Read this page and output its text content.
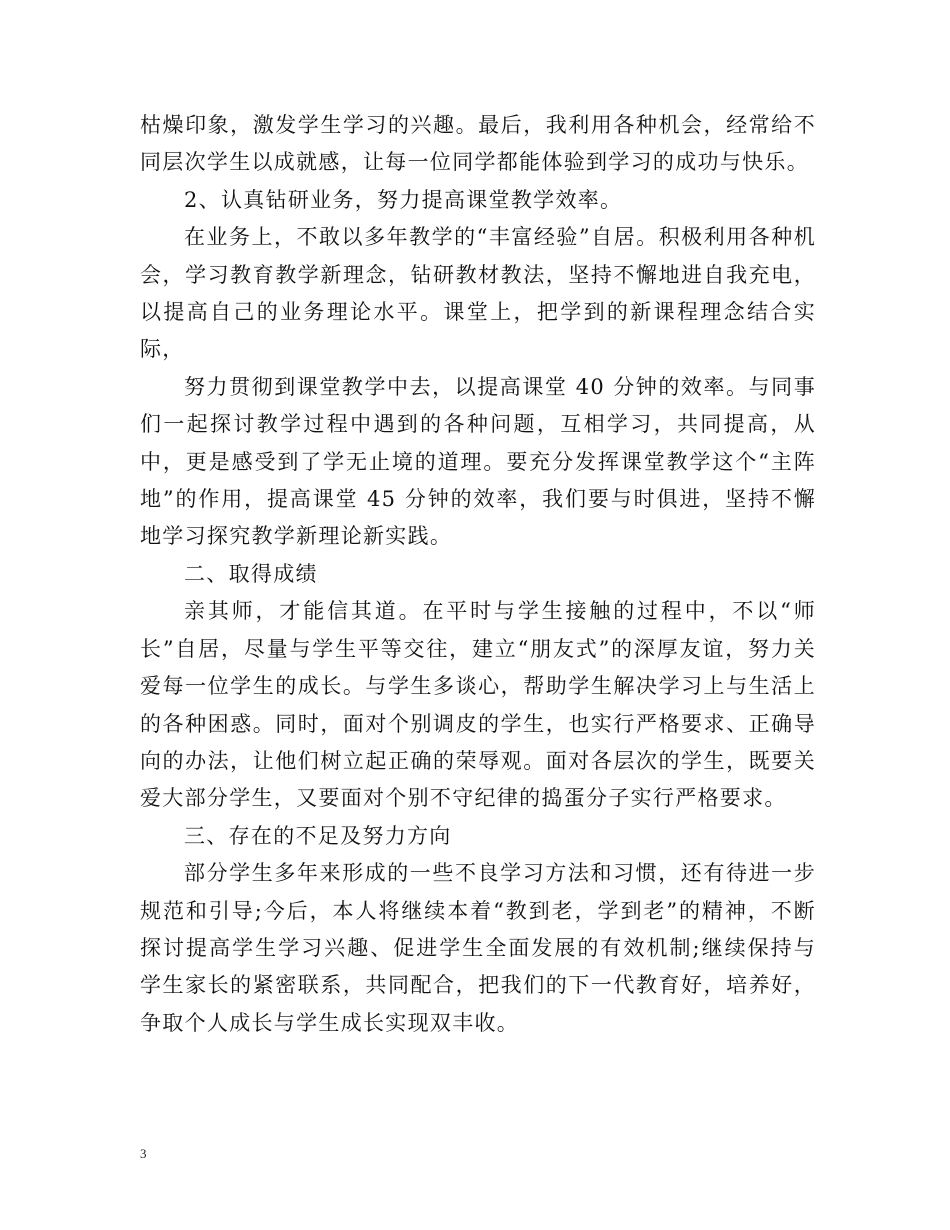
枯燥印象，激发学生学习的兴趣。最后，我利用各种机会，经常给不同层次学生以成就感，让每一位同学都能体验到学习的成功与快乐。

2、认真钻研业务，努力提高课堂教学效率。

在业务上，不敢以多年教学的“丰富经验”自居。积极利用各种机会，学习教育教学新理念，钻研教材教法，坚持不懈地进自我充电，以提高自己的业务理论水平。课堂上，把学到的新课程理念结合实际，

努力贯彻到课堂教学中去，以提高课堂 40 分钟的效率。与同事们一起探讨教学过程中遇到的各种问题，互相学习，共同提高，从中，更是感受到了学无止境的道理。要充分发挥课堂教学这个“主阵地”的作用，提高课堂 45 分钟的效率，我们要与时俱进，坚持不懈地学习探究教学新理论新实践。

二、取得成绩

亲其师，才能信其道。在平时与学生接触的过程中，不以“师长”自居，尽量与学生平等交往，建立“朋友式”的深厚友谊，努力关爱每一位学生的成长。与学生多谈心，帮助学生解决学习上与生活上的各种困惑。同时，面对个别调皮的学生，也实行严格要求、正确导向的办法，让他们树立起正确的荣辱观。面对各层次的学生，既要关爱大部分学生，又要面对个别不守纪律的捣蛋分子实行严格要求。

三、存在的不足及努力方向

部分学生多年来形成的一些不良学习方法和习惯，还有待进一步规范和引导;今后，本人将继续本着“教到老，学到老”的精神，不断探讨提高学生学习兴趣、促进学生全面发展的有效机制;继续保持与学生家长的紧密联系，共同配合，把我们的下一代教育好，培养好，争取个人成长与学生成长实现双丰收。

3
